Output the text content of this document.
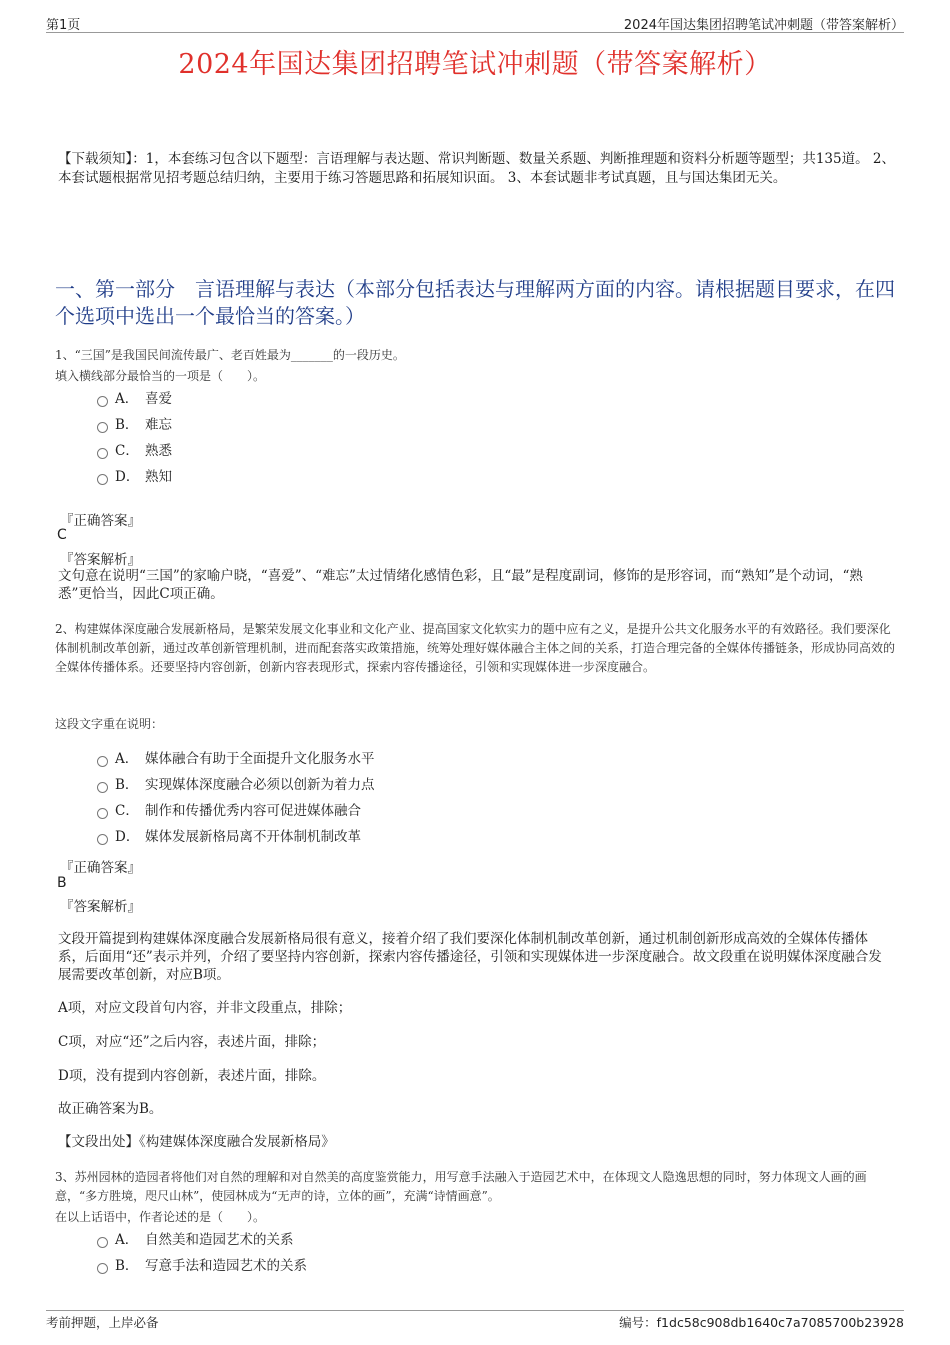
第1页	2024年国达集团招聘笔试冲刺题（带答案解析）
2024年国达集团招聘笔试冲刺题（带答案解析）
【下载须知】：1，本套练习包含以下题型：言语理解与表达题、常识判断题、数量关系题、判断推理题和资料分析题等题型；共135道。 2、本套试题根据常见招考题总结归纳，主要用于练习答题思路和拓展知识面。 3、本套试题非考试真题，且与国达集团无关。
一、第一部分　言语理解与表达（本部分包括表达与理解两方面的内容。请根据题目要求，在四个选项中选出一个最恰当的答案。）
1、“三国”是我国民间流传最广、老百姓最为_______的一段历史。
填入横线部分最恰当的一项是（　　）。
A． 喜爱
B． 难忘
C． 熟悉
D． 熟知
『正确答案』
C
『答案解析』
文句意在说明“三国”的家喻户晓，“喜爱”、“难忘”太过情绪化感情色彩，且“最”是程度副词，修饰的是形容词，而“熟知”是个动词，“熟悉”更恰当，因此C项正确。
2、构建媒体深度融合发展新格局，是繁荣发展文化事业和文化产业、提高国家文化软实力的题中应有之义，是提升公共文化服务水平的有效路径。我们要深化体制机制改革创新，通过改革创新管理机制，进而配套落实政策措施，统筹处理好媒体融合主体之间的关系，打造合理完备的全媒体传播链条，形成协同高效的全媒体传播体系。还要坚持内容创新，创新内容表现形式，探索内容传播途径，引领和实现媒体进一步深度融合。
这段文字重在说明：
A． 媒体融合有助于全面提升文化服务水平
B． 实现媒体深度融合必须以创新为着力点
C． 制作和传播优秀内容可促进媒体融合
D． 媒体发展新格局离不开体制机制改革
『正确答案』
B
『答案解析』
文段开篇提到构建媒体深度融合发展新格局很有意义，接着介绍了我们要深化体制机制改革创新，通过机制创新形成高效的全媒体传播体系，后面用“还”表示并列，介绍了要坚持内容创新，探索内容传播途径，引领和实现媒体进一步深度融合。故文段重在说明媒体深度融合发展需要改革创新，对应B项。
A项，对应文段首句内容，并非文段重点，排除；
C项，对应“还”之后内容，表述片面，排除；
D项，没有提到内容创新，表述片面，排除。
故正确答案为B。
【文段出处】《构建媒体深度融合发展新格局》
3、苏州园林的造园者将他们对自然的理解和对自然美的高度鉴赏能力，用写意手法融入于造园艺术中，在体现文人隐逸思想的同时，努力体现文人画的画意，“多方胜境，咫尺山林”，使园林成为“无声的诗，立体的画”，充满“诗情画意”。
在以上话语中，作者论述的是（　　）。
A． 自然美和造园艺术的关系
B． 写意手法和造园艺术的关系
考前押题，上岸必备	编号：f1dc58c908db1640c7a7085700b23928
